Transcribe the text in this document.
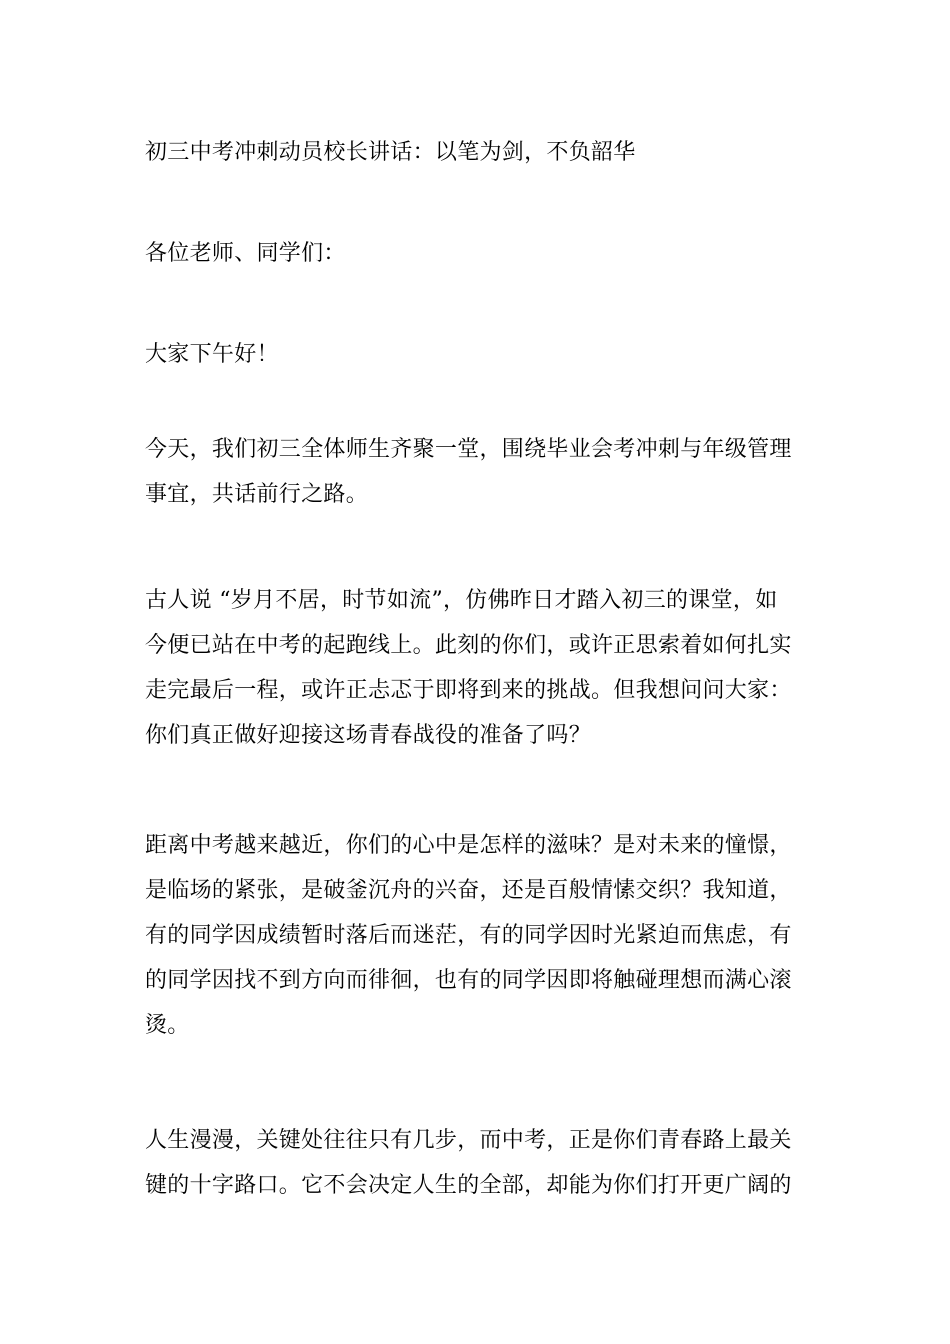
初三中考冲刺动员校长讲话：以笔为剑，不负韶华

各位老师、同学们：

大家下午好！

今天，我们初三全体师生齐聚一堂，围绕毕业会考冲刺与年级管理
事宜，共话前行之路。

古人说 “岁月不居，时节如流”，仿佛昨日才踏入初三的课堂，如
今便已站在中考的起跑线上。此刻的你们，或许正思索着如何扎实
走完最后一程，或许正忐忑于即将到来的挑战。但我想问问大家：
你们真正做好迎接这场青春战役的准备了吗？

距离中考越来越近，你们的心中是怎样的滋味？是对未来的憧憬，
是临场的紧张，是破釜沉舟的兴奋，还是百般情愫交织？我知道，
有的同学因成绩暂时落后而迷茫，有的同学因时光紧迫而焦虑，有
的同学因找不到方向而徘徊，也有的同学因即将触碰理想而满心滚
烫。

人生漫漫，关键处往往只有几步，而中考，正是你们青春路上最关
键的十字路口。它不会决定人生的全部，却能为你们打开更广阔的
